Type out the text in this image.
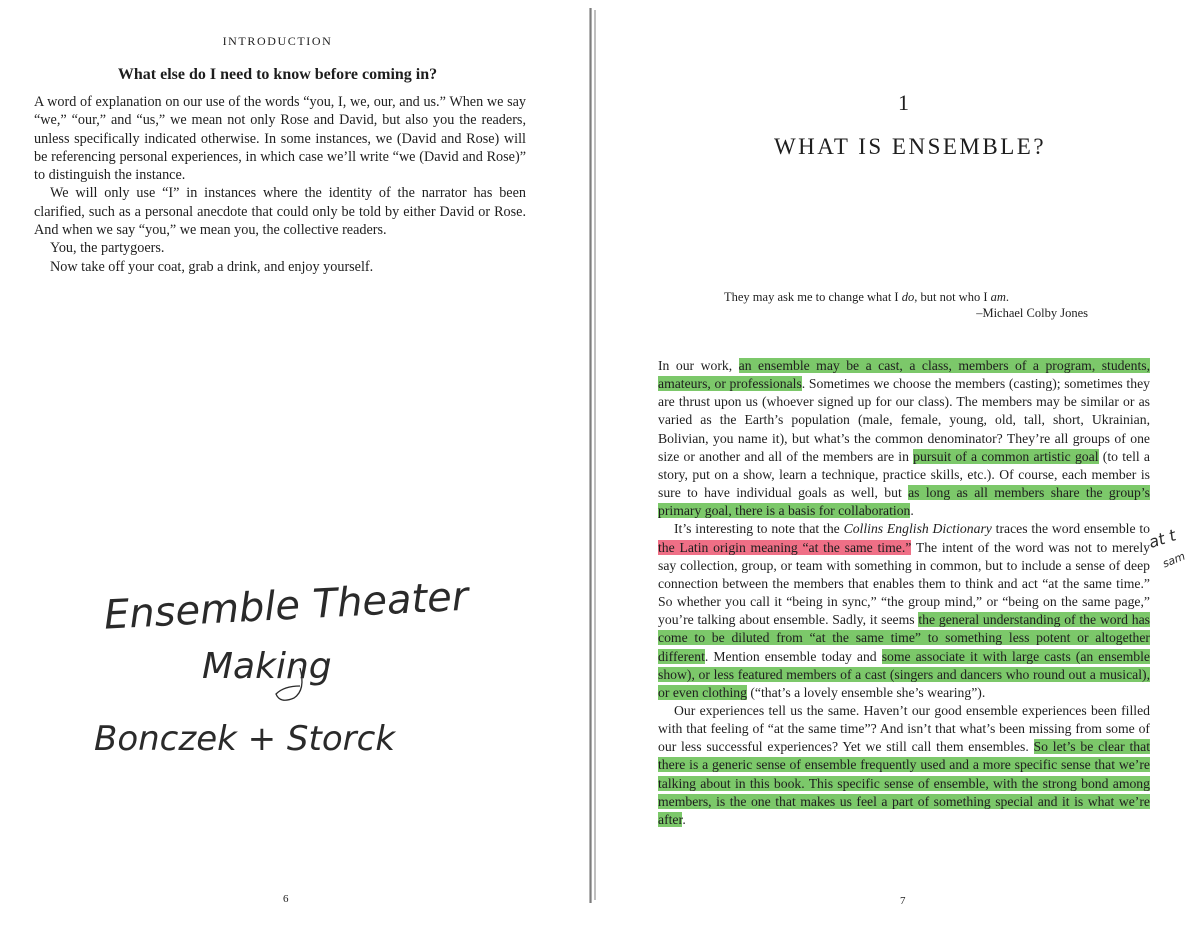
INTRODUCTION
What else do I need to know before coming in?

A word of explanation on our use of the words “you, I, we, our, and us.” When we say “we,” “our,” and “us,” we mean not only Rose and David, but also you the readers, unless specifically indicated otherwise. In some instances, we (David and Rose) will be referencing personal experiences, in which case we’ll write “we (David and Rose)” to distinguish the instance.

We will only use “I” in instances where the identity of the narrator has been clarified, such as a personal anecdote that could only be told by either David or Rose. And when we say “you,” we mean you, the collective readers.

You, the partygoers.

Now take off your coat, grab a drink, and enjoy yourself.

Ensemble Theater
Making
Bonczek + Storck
6
1
WHAT IS ENSEMBLE?
They may ask me to change what I do, but not who I am.
–Michael Colby Jones

In our work, an ensemble may be a cast, a class, members of a program, students, amateurs, or professionals. Sometimes we choose the members (casting); sometimes they are thrust upon us (whoever signed up for our class). The members may be similar or as varied as the Earth’s population (male, female, young, old, tall, short, Ukrainian, Bolivian, you name it), but what’s the common denominator? They’re all groups of one size or another and all of the members are in pursuit of a common artistic goal (to tell a story, put on a show, learn a technique, practice skills, etc.). Of course, each member is sure to have individual goals as well, but as long as all members share the group’s primary goal, there is a basis for collaboration.

It’s interesting to note that the Collins English Dictionary traces the word ensemble to the Latin origin meaning “at the same time.” The intent of the word was not to merely say collection, group, or team with something in common, but to include a sense of deep connection between the members that enables them to think and act “at the same time.” So whether you call it “being in sync,” “the group mind,” or “being on the same page,” you’re talking about ensemble. Sadly, it seems the general understanding of the word has come to be diluted from “at the same time” to something less potent or altogether different. Mention ensemble today and some associate it with large casts (an ensemble show), or less featured members of a cast (singers and dancers who round out a musical), or even clothing (“that’s a lovely ensemble she’s wearing”).

Our experiences tell us the same. Haven’t our good ensemble experiences been filled with that feeling of “at the same time”? And isn’t that what’s been missing from some of our less successful experiences? Yet we still call them ensembles. So let’s be clear that there is a generic sense of ensemble frequently used and a more specific sense that we’re talking about in this book. This specific sense of ensemble, with the strong bond among members, is the one that makes us feel a part of something special and it is what we’re after.

at t
sam
7
